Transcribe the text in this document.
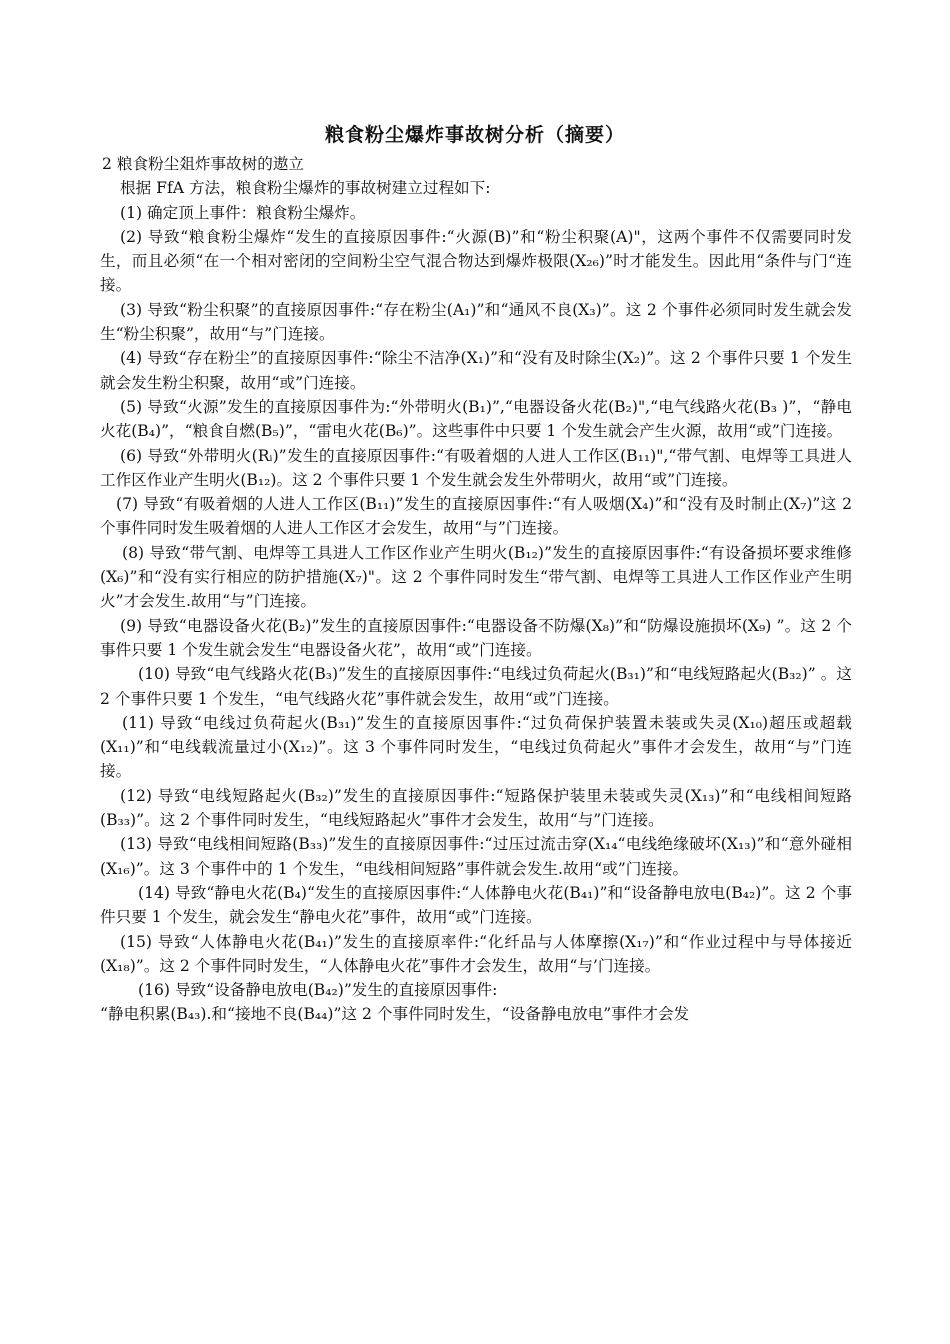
粮食粉尘爆炸事故树分析（摘要）

2 粮食粉尘爼炸事故树的遨立

根据 FfA 方法，粮食粉尘爆炸的事故树建立过程如下:

(1) 确定顶上事件：粮食粉尘爆炸。

(2) 导致“粮食粉尘爆炸“发生的直接原因事件:“火源(B)”和“粉尘积聚(A)"，这两个事件不仅需要同时发生，而且必须“在一个相对密闭的空间粉尘空气混合物达到爆炸极限(X₂₆)”时才能发生。因此用“条件与门“连接。

(3) 导致“粉尘积聚”的直接原因事件:“存在粉尘(A₁)”和“通风不良(X₃)”。这 2 个事件必须同时发生就会发生“粉尘积聚”，故用“与”门连接。

(4) 导致“存在粉尘”的直接原因事件:“除尘不洁净(X₁)”和“没有及时除尘(X₂)”。这 2 个事件只要 1 个发生就会发生粉尘积聚，故用“或”门连接。

(5) 导致“火源”发生的直接原因事件为:“外带明火(B₁)”,“电器设备火花(B₂)",“电气线路火花(B₃ )”，“静电火花(B₄)”，“粮食自燃(B₅)”，“雷电火花(B₆)”。这些事件中只要 1 个发生就会产生火源，故用“或”门连接。

(6) 导致“外带明火(Rᵢ)”发生的直接原因事件:“有吸着烟的人进人工作区(B₁₁)",“带气割、电焊等工具进人工作区作业产生明火(B₁₂)。这 2 个事件只要 1 个发生就会发生外带明火，故用“或”门连接。

(7) 导致“有吸着烟的人进人工作区(B₁₁)”发生的直接原因事件:“有人吸烟(X₄)”和“没有及时制止(X₇)”这 2 个事件同时发生吸着烟的人进人工作区才会发生，故用“与”门连接。

(8) 导致“带气割、电焊等工具进人工作区作业产生明火(B₁₂)”发生的直接原因事件:“有设备损坏要求维修(X₆)”和“没有实行相应的防护措施(X₇)"。这 2 个事件同时发生“带气割、电焊等工具进人工作区作业产生明火”才会发生.故用“与”门连接。

(9) 导致“电器设备火花(B₂)”发生的直接原因事件:“电器设备不防爆(X₈)”和“防爆设施损坏(X₉) ”。这 2 个事件只要 1 个发生就会发生“电器设备火花”，故用“或”门连接。

(10) 导致“电气线路火花(B₃)”发生的直接原因事件:“电线过负荷起火(B₃₁)”和“电线短路起火(B₃₂)” 。这 2 个事件只要 1 个发生，“电气线路火花”事件就会发生，故用“或”门连接。

(11) 导致“电线过负荷起火(B₃₁)”发生的直接原因事件:“过负荷保护装置未装或失灵(X₁₀)超压或超载(X₁₁)”和“电线载流量过小(X₁₂)”。这 3 个事件同时发生，“电线过负荷起火”事件才会发生，故用“与”门连接。

(12) 导致“电线短路起火(B₃₂)”发生的直接原因事件:“短路保护装里未装或失灵(X₁₃)”和“电线相间短路(B₃₃)”。这 2 个事件同时发生，“电线短路起火”事件才会发生，故用“与”门连接。

(13) 导致“电线相间短路(B₃₃)”发生的直接原因事件:“过压过流击穿(X₁₄“电线绝缘破坏(X₁₃)”和“意外碰相(X₁₆)”。这 3 个事件中的 1 个发生，“电线相间短路”事件就会发生.故用“或”门连接。

(14) 导致“静电火花(B₄)“发生的直接原因事件:“人体静电火花(B₄₁)”和“设备静电放电(B₄₂)”。这 2 个事件只要 1 个发生，就会发生“静电火花”事件，故用“或”门连接。

(15) 导致“人体静电火花(B₄₁)”发生的直接原率件:“化纤品与人体摩擦(X₁₇)”和“作业过程中与导体接近(X₁₈)”。这 2 个事件同时发生，“人体静电火花”事件才会发生，故用“与’门连接。

(16) 导致“设备静电放电(B₄₂)”发生的直接原因事件:

“静电积累(B₄₃).和“接地不良(B₄₄)”这 2 个事件同时发生，“设备静电放电”事件才会发
